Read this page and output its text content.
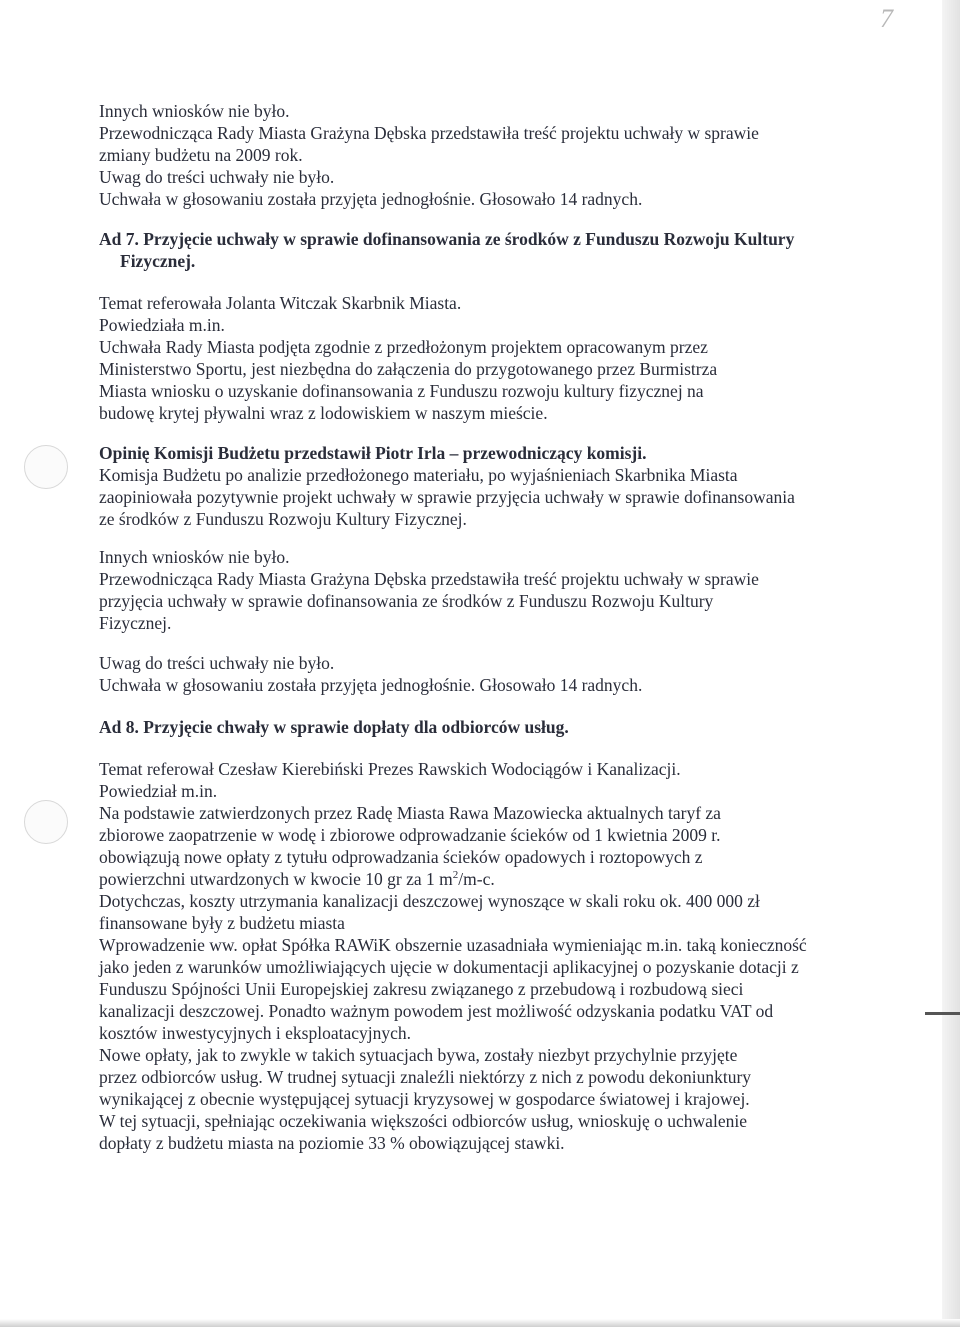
7
Innych wniosków nie było.
Przewodnicząca Rady Miasta Grażyna Dębska przedstawiła treść projektu uchwały w sprawie
zmiany budżetu na 2009 rok.
Uwag do treści uchwały nie było.
Uchwała w głosowaniu została przyjęta jednogłośnie. Głosowało 14 radnych.
Ad 7. Przyjęcie uchwały w sprawie dofinansowania ze środków z Funduszu Rozwoju Kultury
Fizycznej.
Temat referowała Jolanta Witczak Skarbnik Miasta.
Powiedziała m.in.
Uchwała Rady Miasta podjęta zgodnie z przedłożonym projektem opracowanym przez
Ministerstwo Sportu, jest niezbędna do załączenia do przygotowanego przez Burmistrza
Miasta wniosku o uzyskanie dofinansowania z Funduszu rozwoju kultury fizycznej na
budowę krytej pływalni wraz z lodowiskiem w naszym mieście.
Opinię Komisji Budżetu przedstawił Piotr Irla – przewodniczący komisji.
Komisja Budżetu po analizie przedłożonego materiału, po wyjaśnieniach Skarbnika Miasta
zaopiniowała pozytywnie projekt uchwały w sprawie przyjęcia uchwały w sprawie dofinansowania
ze środków z Funduszu Rozwoju Kultury Fizycznej.
Innych wniosków nie było.
Przewodnicząca Rady Miasta Grażyna Dębska przedstawiła treść projektu uchwały w sprawie
przyjęcia uchwały w sprawie dofinansowania ze środków z Funduszu Rozwoju Kultury
Fizycznej.
Uwag do treści uchwały nie było.
Uchwała w głosowaniu została przyjęta jednogłośnie. Głosowało 14 radnych.
Ad 8. Przyjęcie chwały w sprawie dopłaty dla odbiorców usług.
Temat referował Czesław Kierebiński Prezes Rawskich Wodociągów i Kanalizacji.
Powiedział m.in.
Na podstawie zatwierdzonych przez Radę Miasta Rawa Mazowiecka aktualnych taryf za
zbiorowe zaopatrzenie w wodę i zbiorowe odprowadzanie ścieków od 1 kwietnia 2009 r.
obowiązują nowe opłaty z tytułu odprowadzania ścieków opadowych i roztopowych z
powierzchni utwardzonych w kwocie 10 gr za 1 $m^2/m-c$.
Dotychczas, koszty utrzymania kanalizacji deszczowej wynoszące w skali roku ok. 400 000 zł
finansowane były z budżetu miasta
Wprowadzenie ww. opłat Spółka RAWiK obszernie uzasadniała wymieniając m.in. taką konieczność
jako jeden z warunków umożliwiających ujęcie w dokumentacji aplikacyjnej o pozyskanie dotacji z
Funduszu Spójności Unii Europejskiej zakresu związanego z przebudową i rozbudową sieci
kanalizacji deszczowej. Ponadto ważnym powodem jest możliwość odzyskania podatku VAT od
kosztów inwestycyjnych i eksploatacyjnych.
Nowe opłaty, jak to zwykle w takich sytuacjach bywa, zostały niezbyt przychylnie przyjęte
przez odbiorców usług. W trudnej sytuacji znaleźli niektórzy z nich z powodu dekoniunktury
wynikającej z obecnie występującej sytuacji kryzysowej w gospodarce światowej i krajowej.
W tej sytuacji, spełniając oczekiwania większości odbiorców usług, wnioskuję o uchwalenie
dopłaty z budżetu miasta na poziomie 33 % obowiązującej stawki.
